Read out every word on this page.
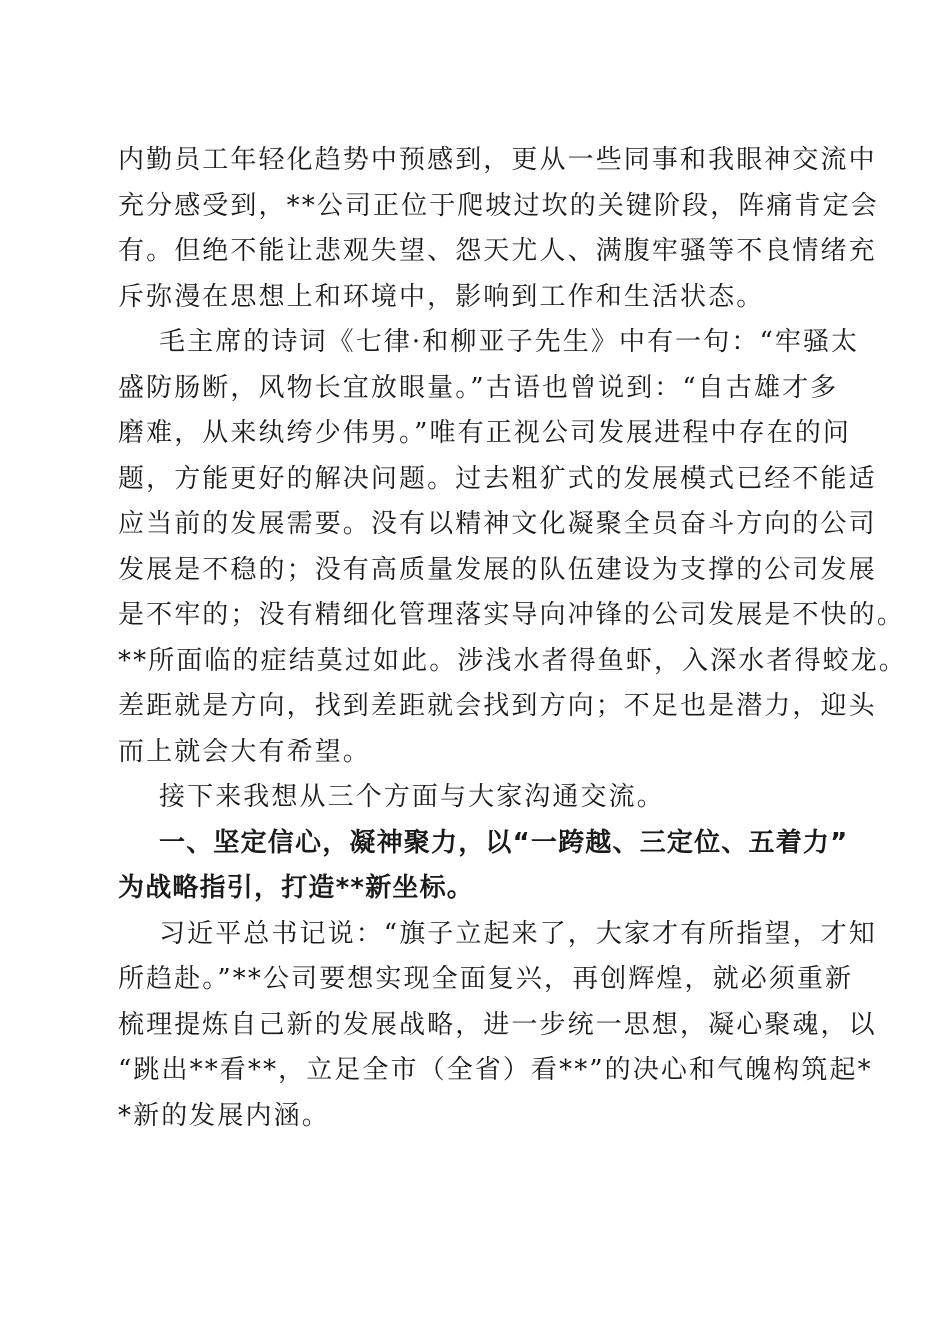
内勤员工年轻化趋势中预感到，更从一些同事和我眼神交流中
充分感受到，**公司正位于爬坡过坎的关键阶段，阵痛肯定会
有。但绝不能让悲观失望、怨天尤人、满腹牢骚等不良情绪充
斥弥漫在思想上和环境中，影响到工作和生活状态。
毛主席的诗词《七律·和柳亚子先生》中有一句：“牢骚太
盛防肠断，风物长宜放眼量。”古语也曾说到：“自古雄才多
磨难，从来纨绔少伟男。”唯有正视公司发展进程中存在的问
题，方能更好的解决问题。过去粗犷式的发展模式已经不能适
应当前的发展需要。没有以精神文化凝聚全员奋斗方向的公司
发展是不稳的；没有高质量发展的队伍建设为支撑的公司发展
是不牢的；没有精细化管理落实导向冲锋的公司发展是不快的。
**所面临的症结莫过如此。涉浅水者得鱼虾，入深水者得蛟龙。
差距就是方向，找到差距就会找到方向；不足也是潜力，迎头
而上就会大有希望。
接下来我想从三个方面与大家沟通交流。
一、坚定信心，凝神聚力，以“一跨越、三定位、五着力”
为战略指引，打造**新坐标。
习近平总书记说：“旗子立起来了，大家才有所指望，才知
所趋赴。”**公司要想实现全面复兴，再创辉煌，就必须重新
梳理提炼自己新的发展战略，进一步统一思想，凝心聚魂，以
“跳出**看**，立足全市（全省）看**”的决心和气魄构筑起*
*新的发展内涵。
